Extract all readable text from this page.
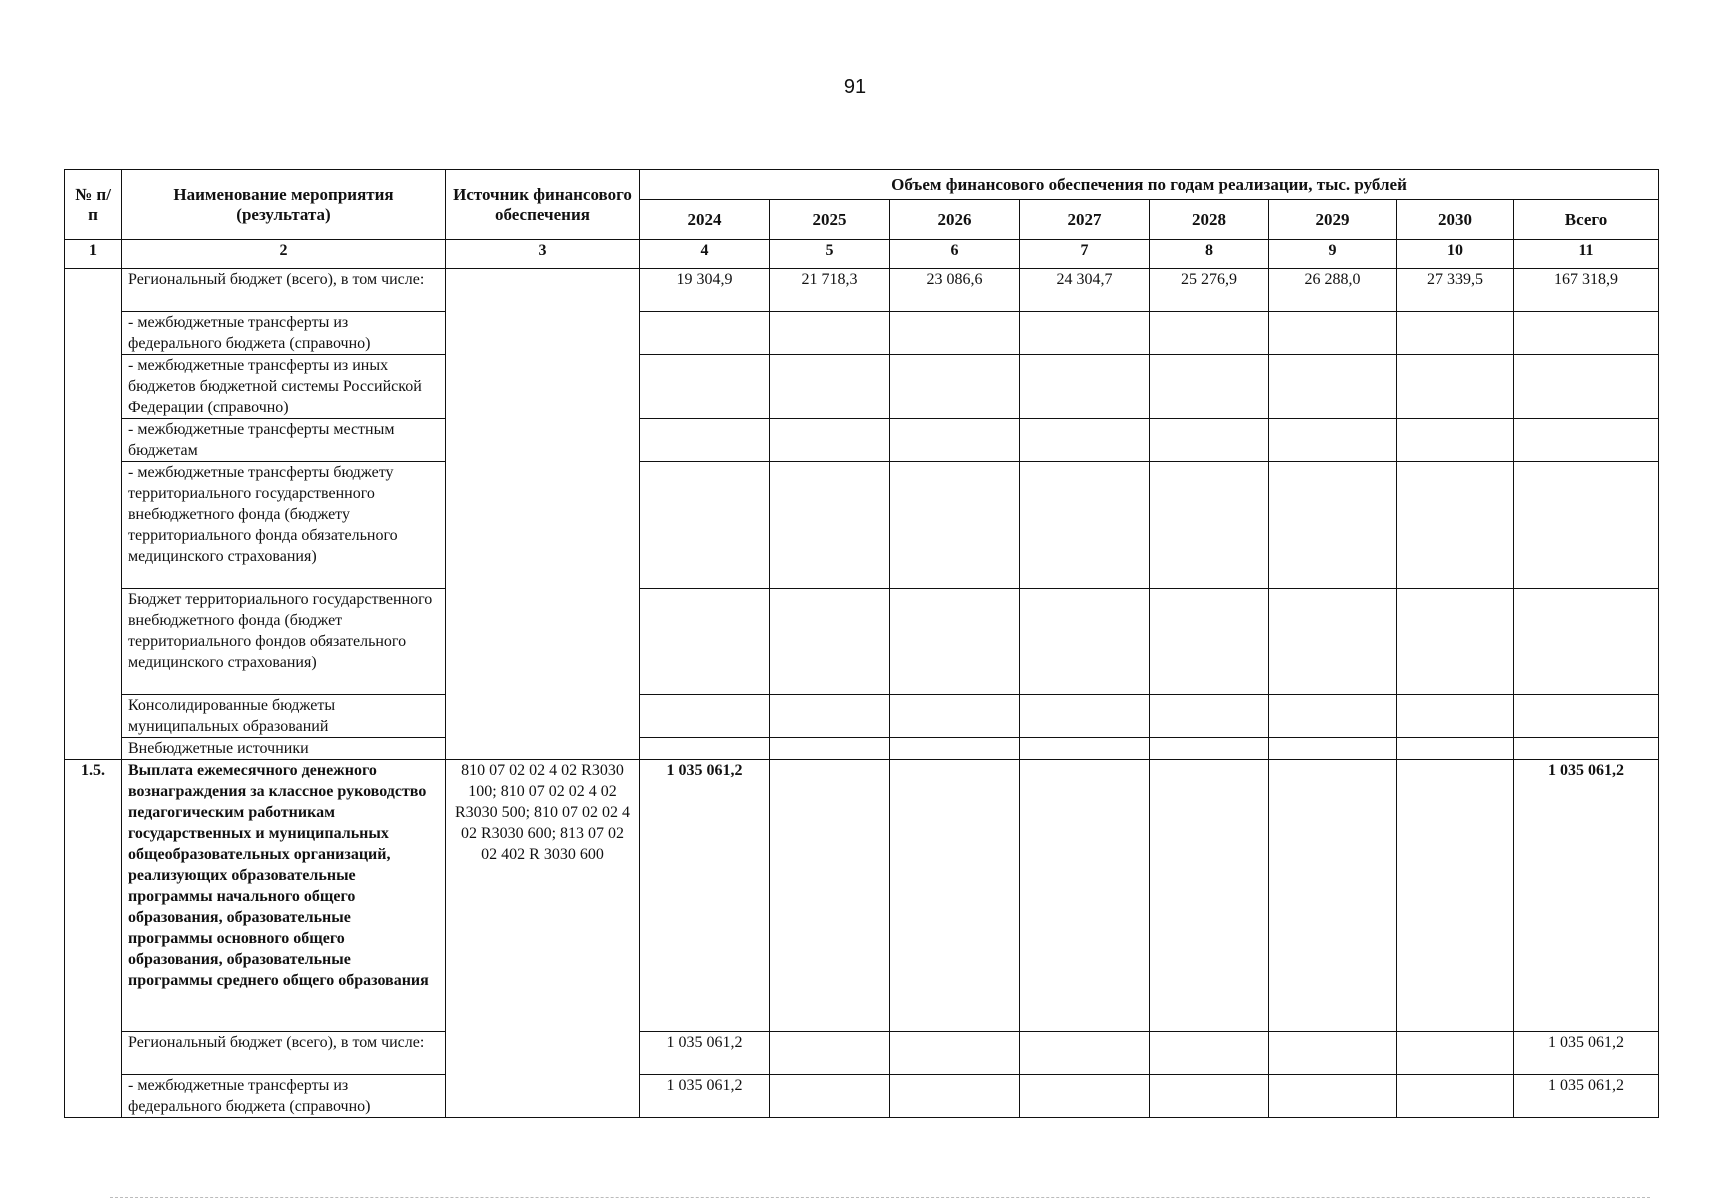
91
№ п/п	Наименование мероприятия (результата)	Источник финансового обеспечения	Объем финансового обеспечения по годам реализации, тыс. рублей							
			2024	2025	2026	2027	2028	2029	2030	Всего
1	2	3	4	5	6	7	8	9	10	11
	Региональный бюджет (всего), в том числе:		19 304,9	21 718,3	23 086,6	24 304,7	25 276,9	26 288,0	27 339,5	167 318,9
	- межбюджетные трансферты из федерального бюджета (справочно)									
	- межбюджетные трансферты из иных бюджетов бюджетной системы Российской Федерации (справочно)									
	- межбюджетные трансферты местным бюджетам									
	- межбюджетные трансферты бюджету территориального государственного внебюджетного фонда (бюджету территориального фонда обязательного медицинского страхования)									
	Бюджет территориального государственного внебюджетного фонда (бюджет территориального фондов обязательного медицинского страхования)									
	Консолидированные бюджеты муниципальных образований									
	Внебюджетные источники									
1.5.	Выплата ежемесячного денежного вознаграждения за классное руководство педагогическим работникам государственных и муниципальных общеобразовательных организаций, реализующих образовательные программы начального общего образования, образовательные программы основного общего образования, образовательные программы среднего общего образования	810 07 02 02 4 02 R3030 100; 810 07 02 02 4 02 R3030 500; 810 07 02 02 4 02 R3030 600; 813 07 02 02 402 R 3030 600	1 035 061,2							1 035 061,2
	Региональный бюджет (всего), в том числе:		1 035 061,2							1 035 061,2
	- межбюджетные трансферты из федерального бюджета (справочно)		1 035 061,2							1 035 061,2
